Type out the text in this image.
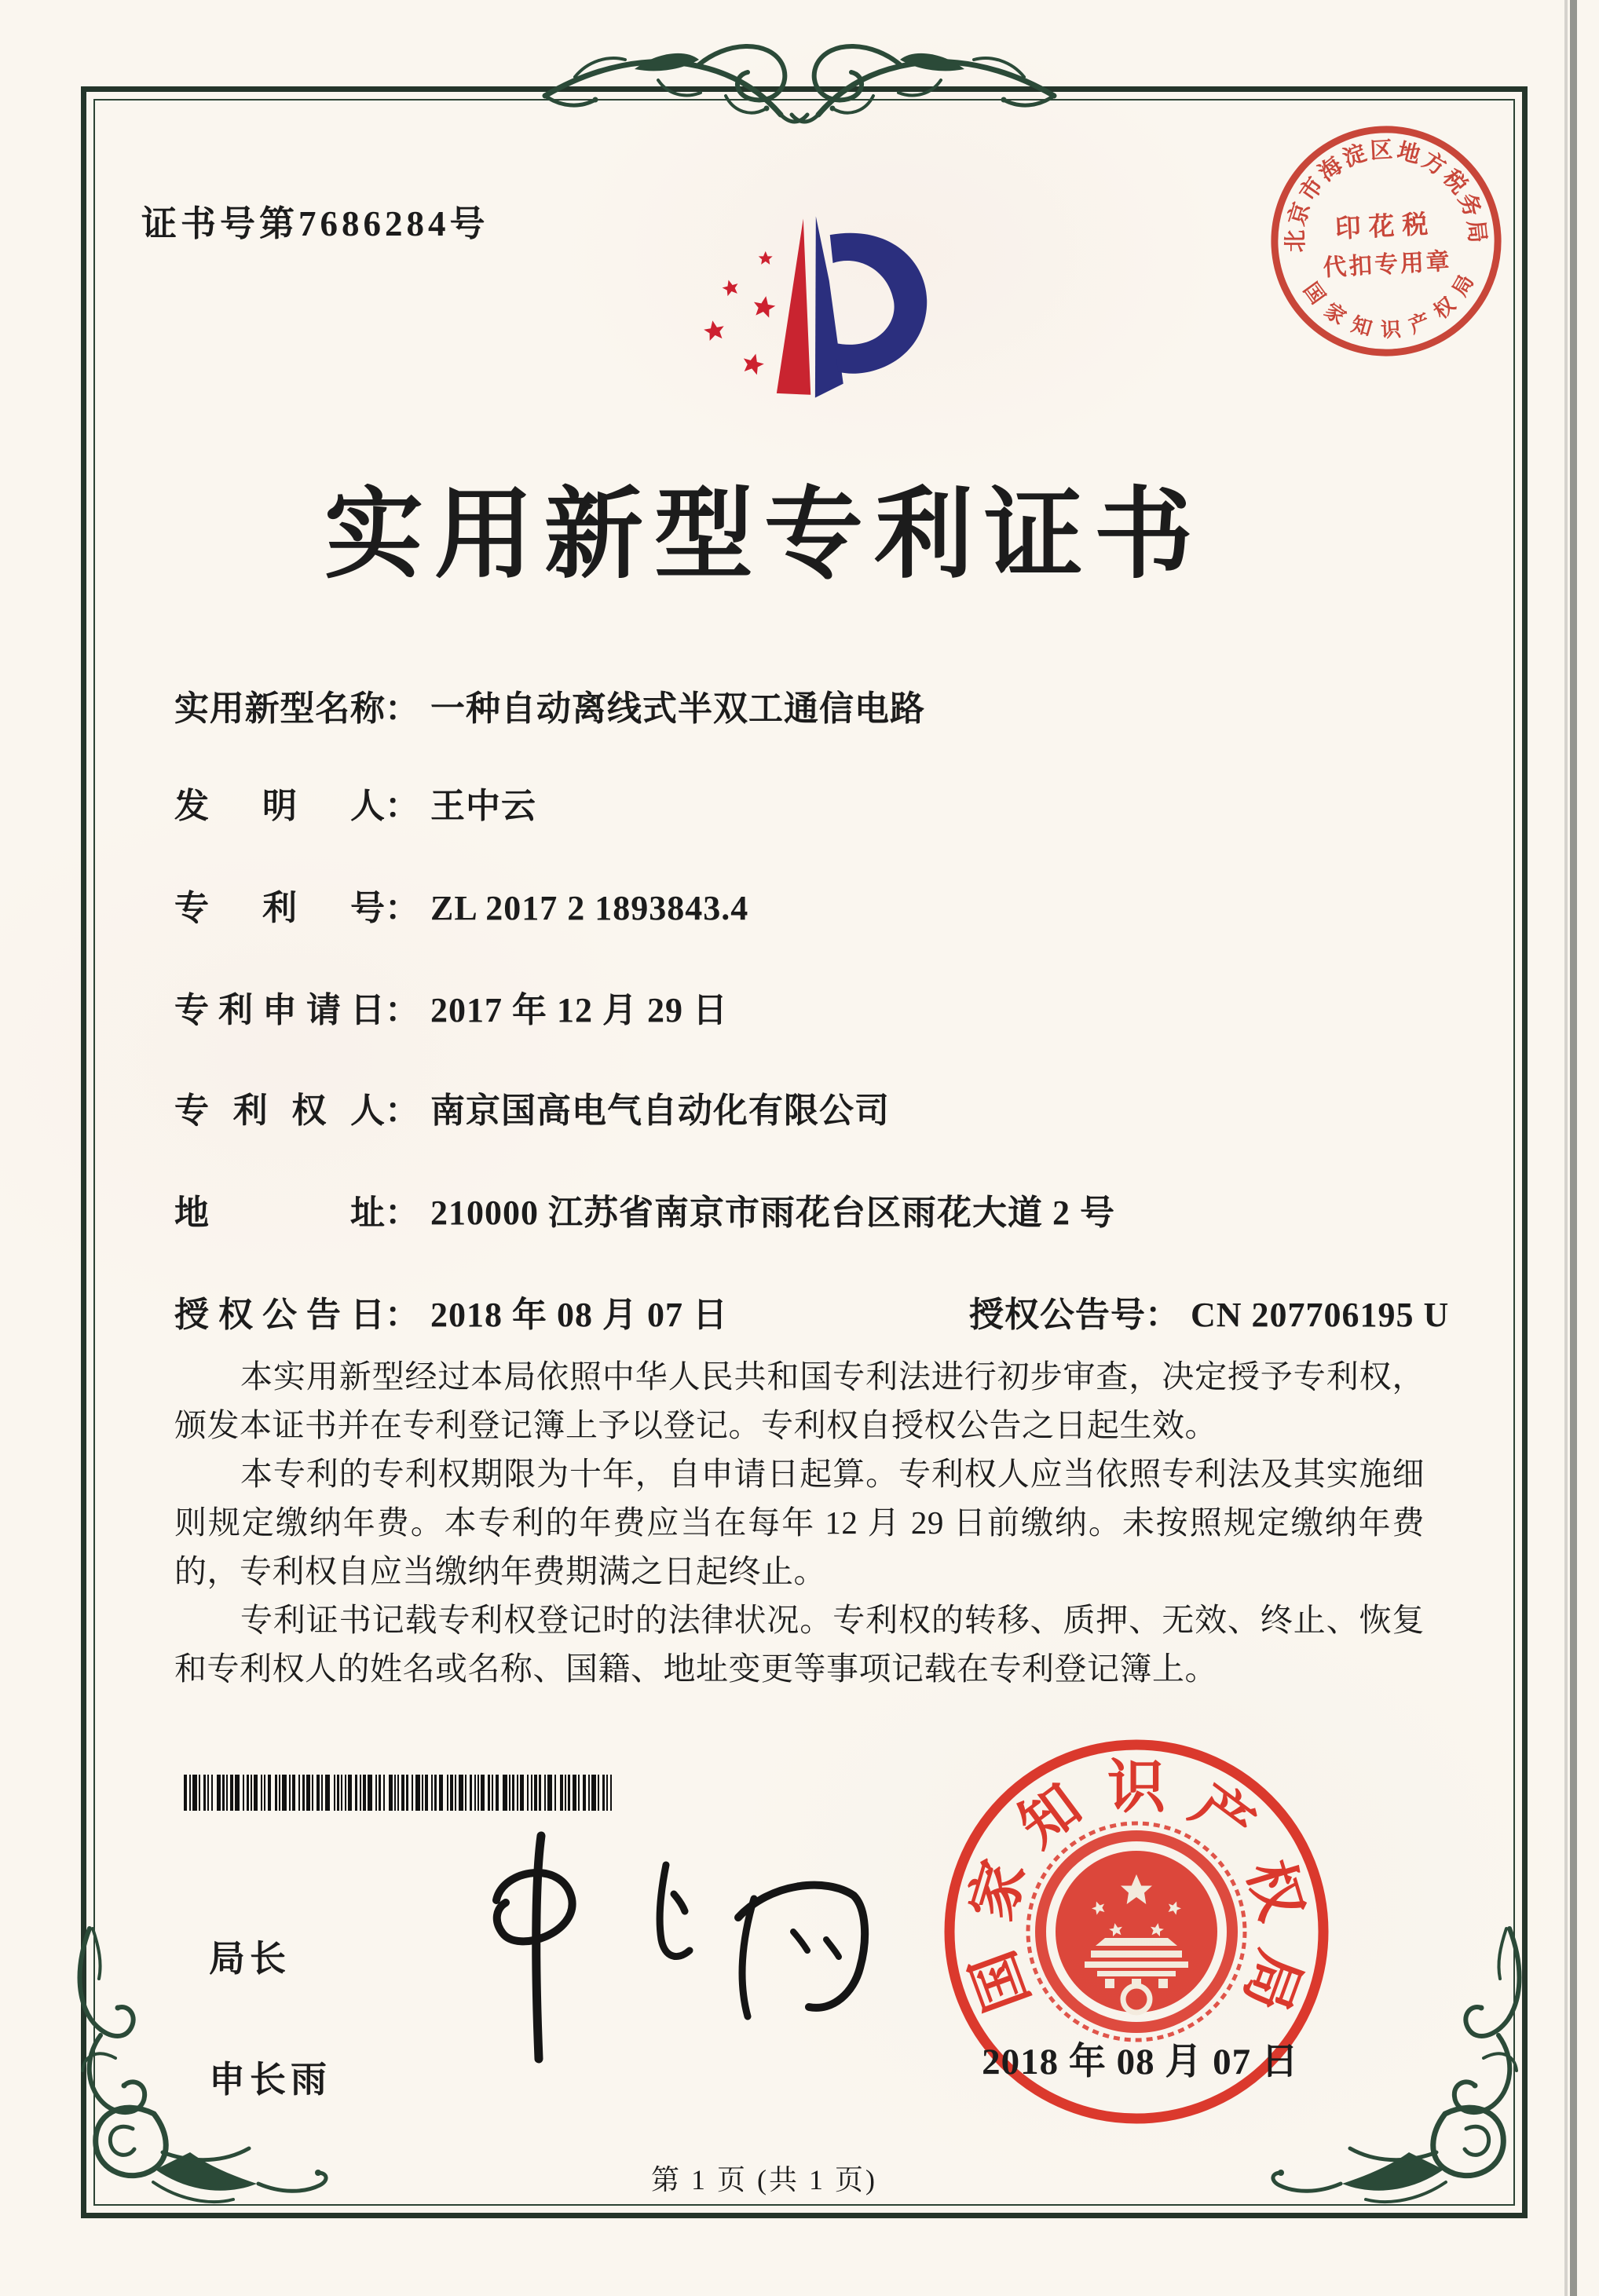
证书号第7686284号
实用新型专利证书
实用新型名称： 一种自动离线式半双工通信电路
发明人： 王中云
专利号： ZL 2017 2 1893843.4
专利申请日： 2017 年 12 月 29 日
专利权人： 南京国高电气自动化有限公司
地址： 210000 江苏省南京市雨花台区雨花大道 2 号
授权公告日： 2018 年 08 月 07 日	授权公告号： CN 207706195 U

本实用新型经过本局依照中华人民共和国专利法进行初步审查，决定授予专利权，颁发本证书并在专利登记簿上予以登记。专利权自授权公告之日起生效。

本专利的专利权期限为十年，自申请日起算。专利权人应当依照专利法及其实施细则规定缴纳年费。本专利的年费应当在每年 12 月 29 日前缴纳。未按照规定缴纳年费的，专利权自应当缴纳年费期满之日起终止。

专利证书记载专利权登记时的法律状况。专利权的转移、质押、无效、终止、恢复和专利权人的姓名或名称、国籍、地址变更等事项记载在专利登记簿上。

局长
申长雨
国
家
知 识 产
权
局
2018 年 08 月 07 日
北
京
市
海
淀 区 地
方
税
务
局
国
家
知 识 产
权
局
印花税
代扣专用章
第 1 页 (共 1 页)
